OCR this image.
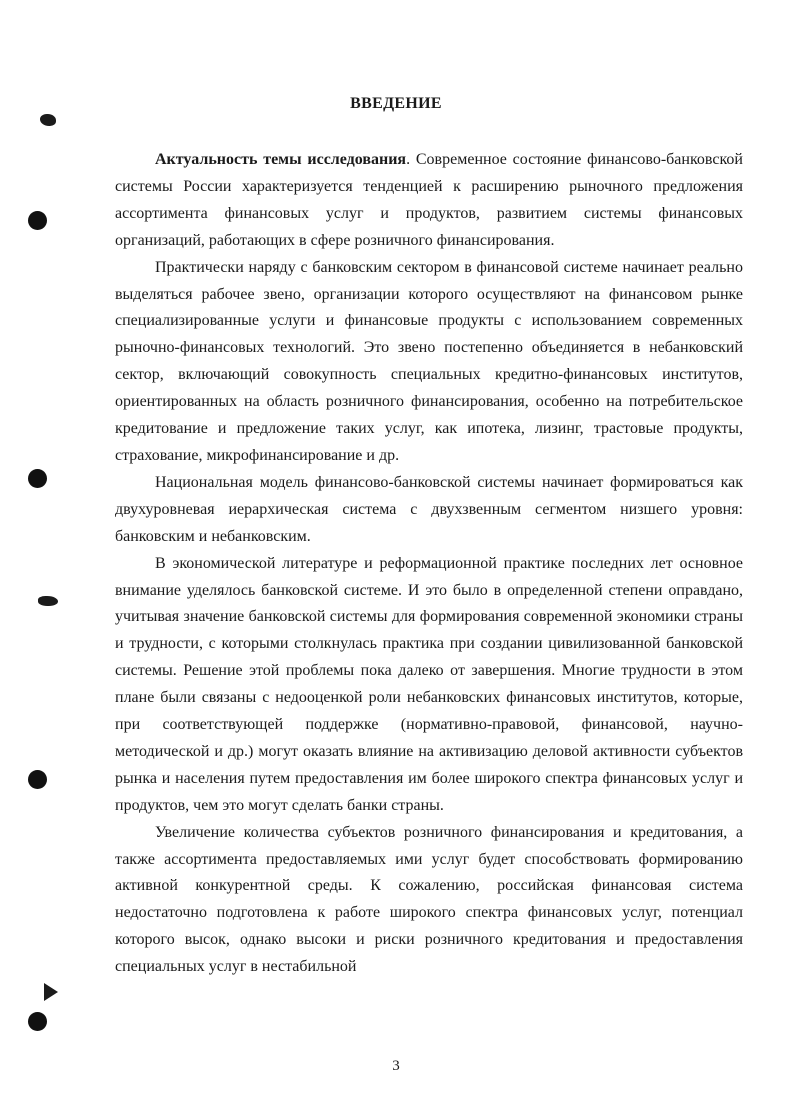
ВВЕДЕНИЕ

Актуальность темы исследования. Современное состояние финансово-банковской системы России характеризуется тенденцией к расширению рыночного предложения ассортимента финансовых услуг и продуктов, развитием системы финансовых организаций, работающих в сфере розничного финансирования.

Практически наряду с банковским сектором в финансовой системе начинает реально выделяться рабочее звено, организации которого осуществляют на финансовом рынке специализированные услуги и финансовые продукты с использованием современных рыночно-финансовых технологий. Это звено постепенно объединяется в небанковский сектор, включающий совокупность специальных кредитно-финансовых институтов, ориентированных на область розничного финансирования, особенно на потребительское кредитование и предложение таких услуг, как ипотека, лизинг, трастовые продукты, страхование, микрофинансирование и др.

Национальная модель финансово-банковской системы начинает формироваться как двухуровневая иерархическая система с двухзвенным сегментом низшего уровня: банковским и небанковским.

В экономической литературе и реформационной практике последних лет основное внимание уделялось банковской системе. И это было в определенной степени оправдано, учитывая значение банковской системы для формирования современной экономики страны и трудности, с которыми столкнулась практика при создании цивилизованной банковской системы. Решение этой проблемы пока далеко от завершения. Многие трудности в этом плане были связаны с недооценкой роли небанковских финансовых институтов, которые, при соответствующей поддержке (нормативно-правовой, финансовой, научно-методической и др.) могут оказать влияние на активизацию деловой активности субъектов рынка и населения путем предоставления им более широкого спектра финансовых услуг и продуктов, чем это могут сделать банки страны.

Увеличение количества субъектов розничного финансирования и кредитования, а также ассортимента предоставляемых ими услуг будет способствовать формированию активной конкурентной среды. К сожалению, российская финансовая система недостаточно подготовлена к работе широкого спектра финансовых услуг, потенциал которого высок, однако высоки и риски розничного кредитования и предоставления специальных услуг в нестабильной

3
